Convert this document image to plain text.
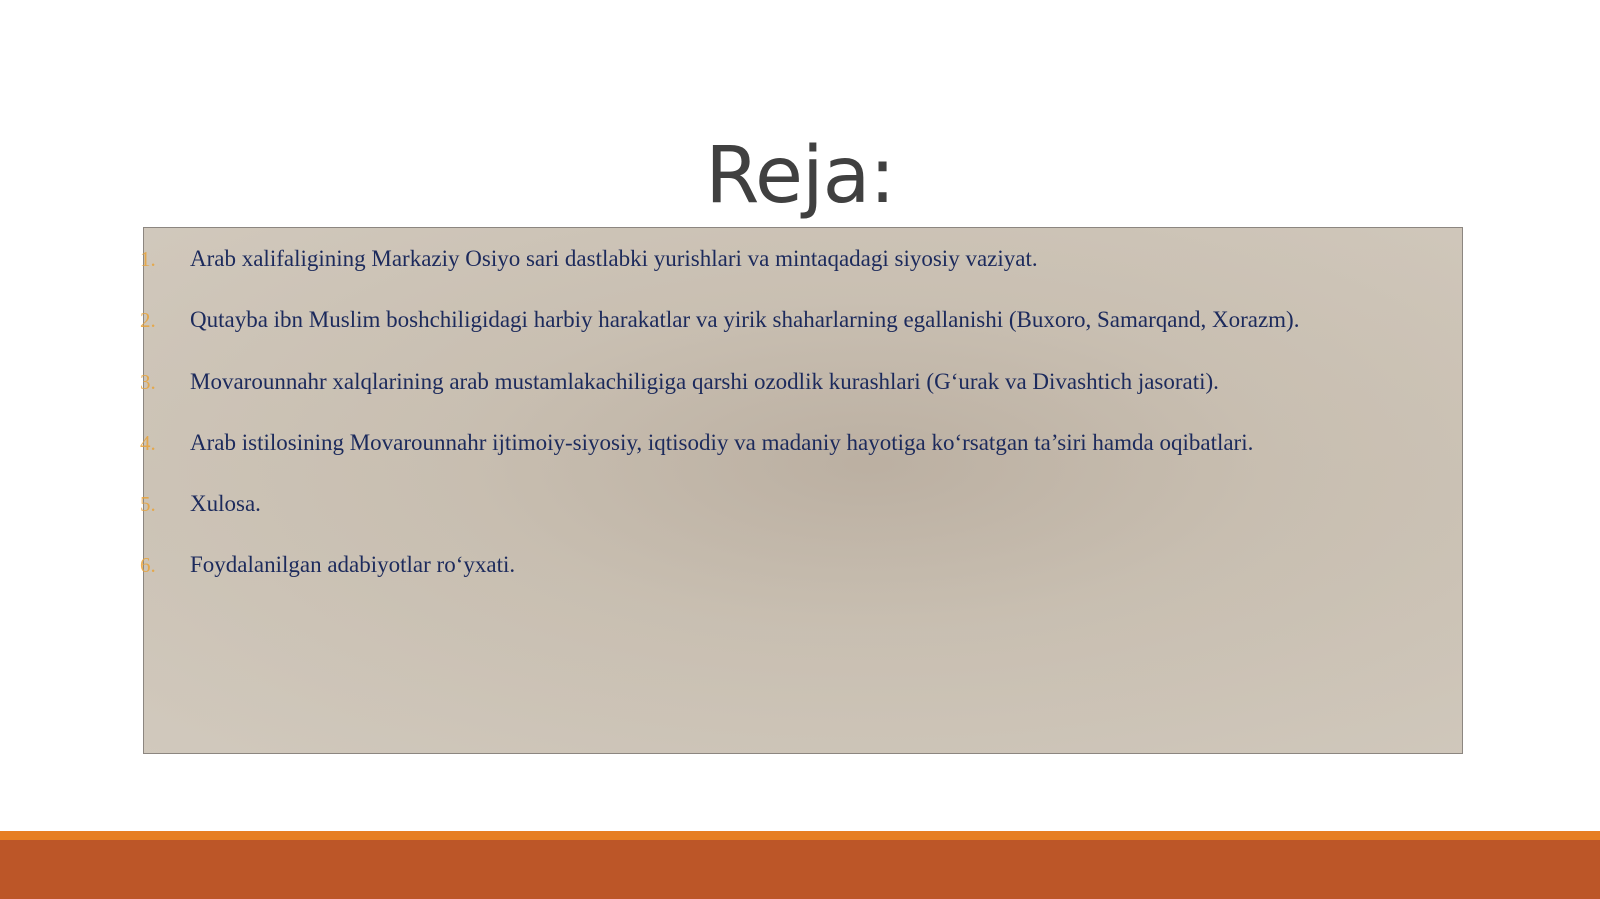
Reja:
1. Arab xalifaligining Markaziy Osiyo sari dastlabki yurishlari va mintaqadagi siyosiy vaziyat.
2. Qutayba ibn Muslim boshchiligidagi harbiy harakatlar va yirik shaharlarning egallanishi (Buxoro, Samarqand, Xorazm).
3. Movarounnahr xalqlarining arab mustamlakachiligiga qarshi ozodlik kurashlari (G‘urak va Divashtich jasorati).
4. Arab istilosining Movarounnahr ijtimoiy-siyosiy, iqtisodiy va madaniy hayotiga ko‘rsatgan ta’siri hamda oqibatlari.
5. Xulosa.
6. Foydalanilgan adabiyotlar ro‘yxati.
